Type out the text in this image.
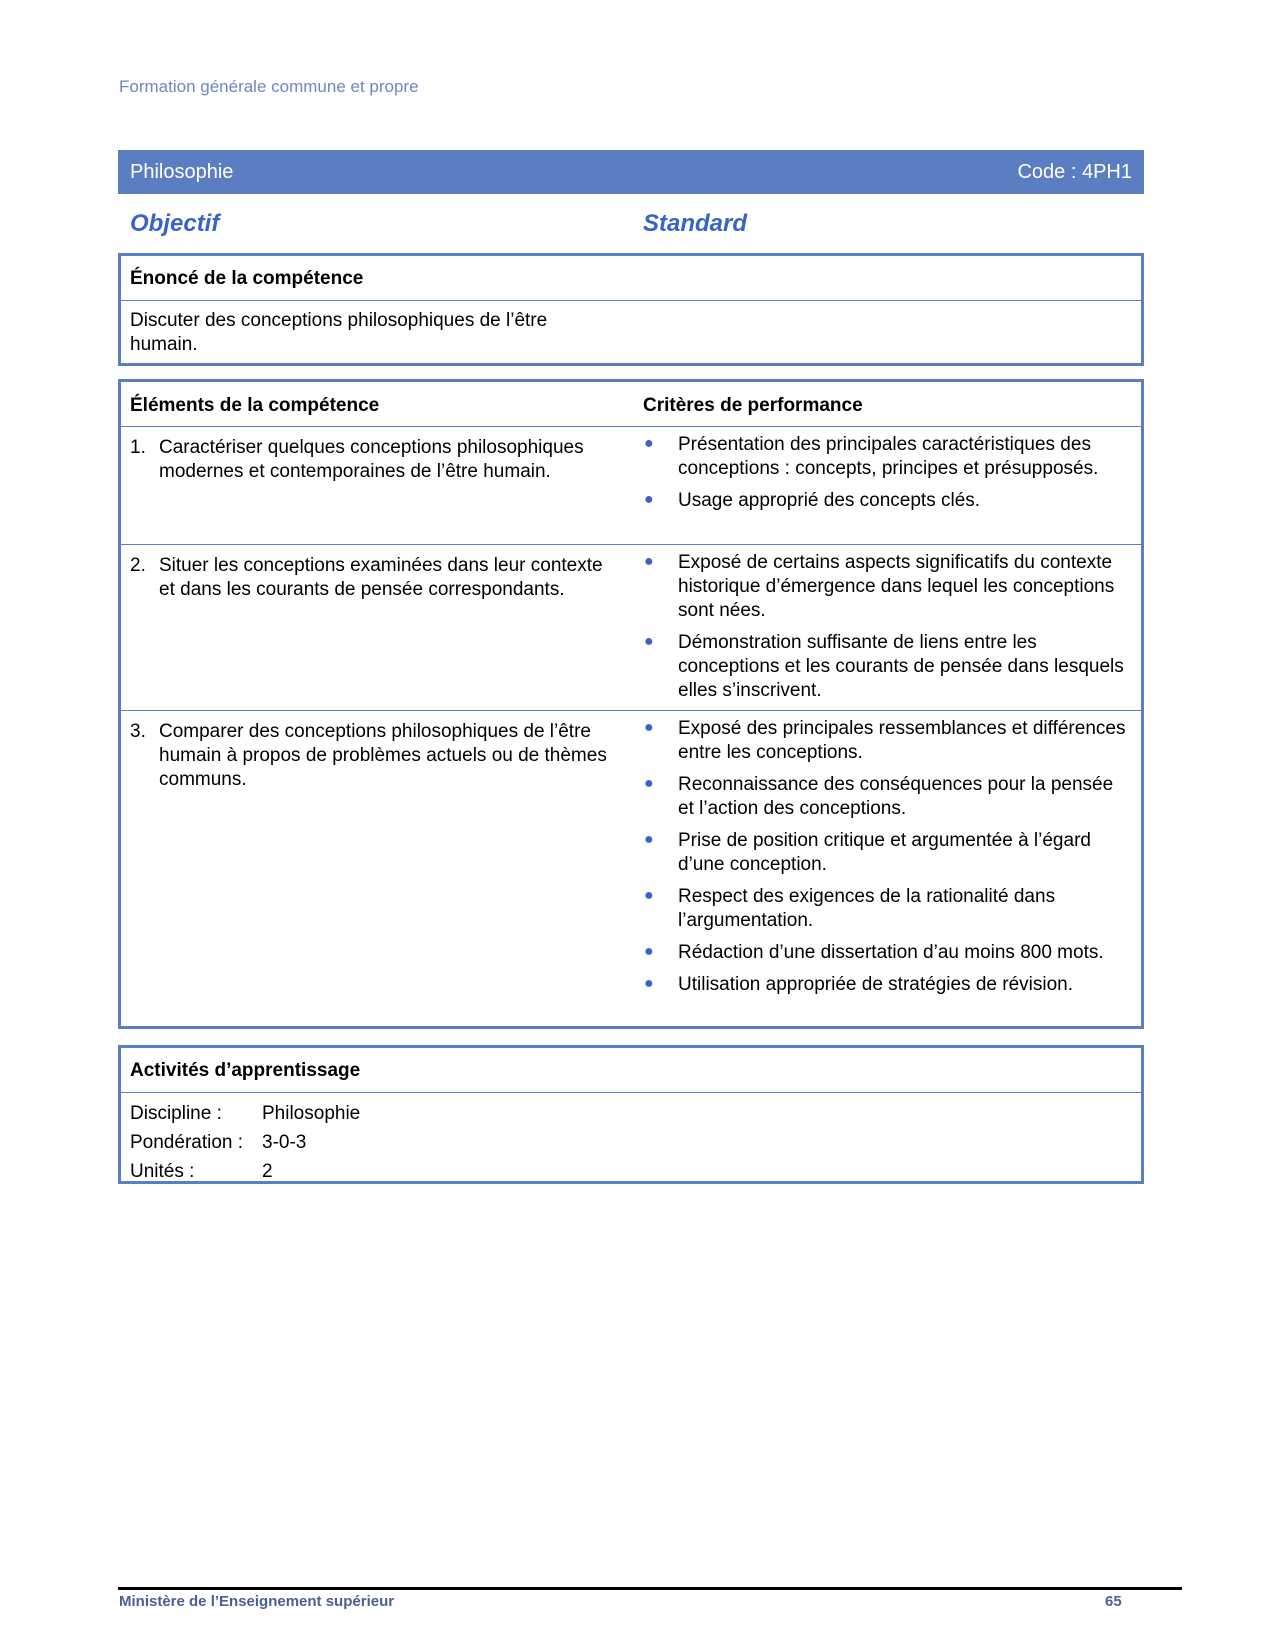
Formation générale commune et propre
Philosophie	Code : 4PH1
Objectif	Standard
Énoncé de la compétence
Discuter des conceptions philosophiques de l’être humain.
Éléments de la compétence	Critères de performance
1. Caractériser quelques conceptions philosophiques modernes et contemporaines de l’être humain.
●	Présentation des principales caractéristiques des conceptions : concepts, principes et présupposés.
●	Usage approprié des concepts clés.
2. Situer les conceptions examinées dans leur contexte et dans les courants de pensée correspondants.
●	Exposé de certains aspects significatifs du contexte historique d’émergence dans lequel les conceptions sont nées.
●	Démonstration suffisante de liens entre les conceptions et les courants de pensée dans lesquels elles s’inscrivent.
3. Comparer des conceptions philosophiques de l’être humain à propos de problèmes actuels ou de thèmes communs.
●	Exposé des principales ressemblances et différences entre les conceptions.
●	Reconnaissance des conséquences pour la pensée et l’action des conceptions.
●	Prise de position critique et argumentée à l’égard d’une conception.
●	Respect des exigences de la rationalité dans l’argumentation.
●	Rédaction d’une dissertation d’au moins 800 mots.
●	Utilisation appropriée de stratégies de révision.
Activités d’apprentissage
Discipline :	Philosophie
Pondération : 3-0-3
Unités :	2
Ministère de l’Enseignement supérieur	65
